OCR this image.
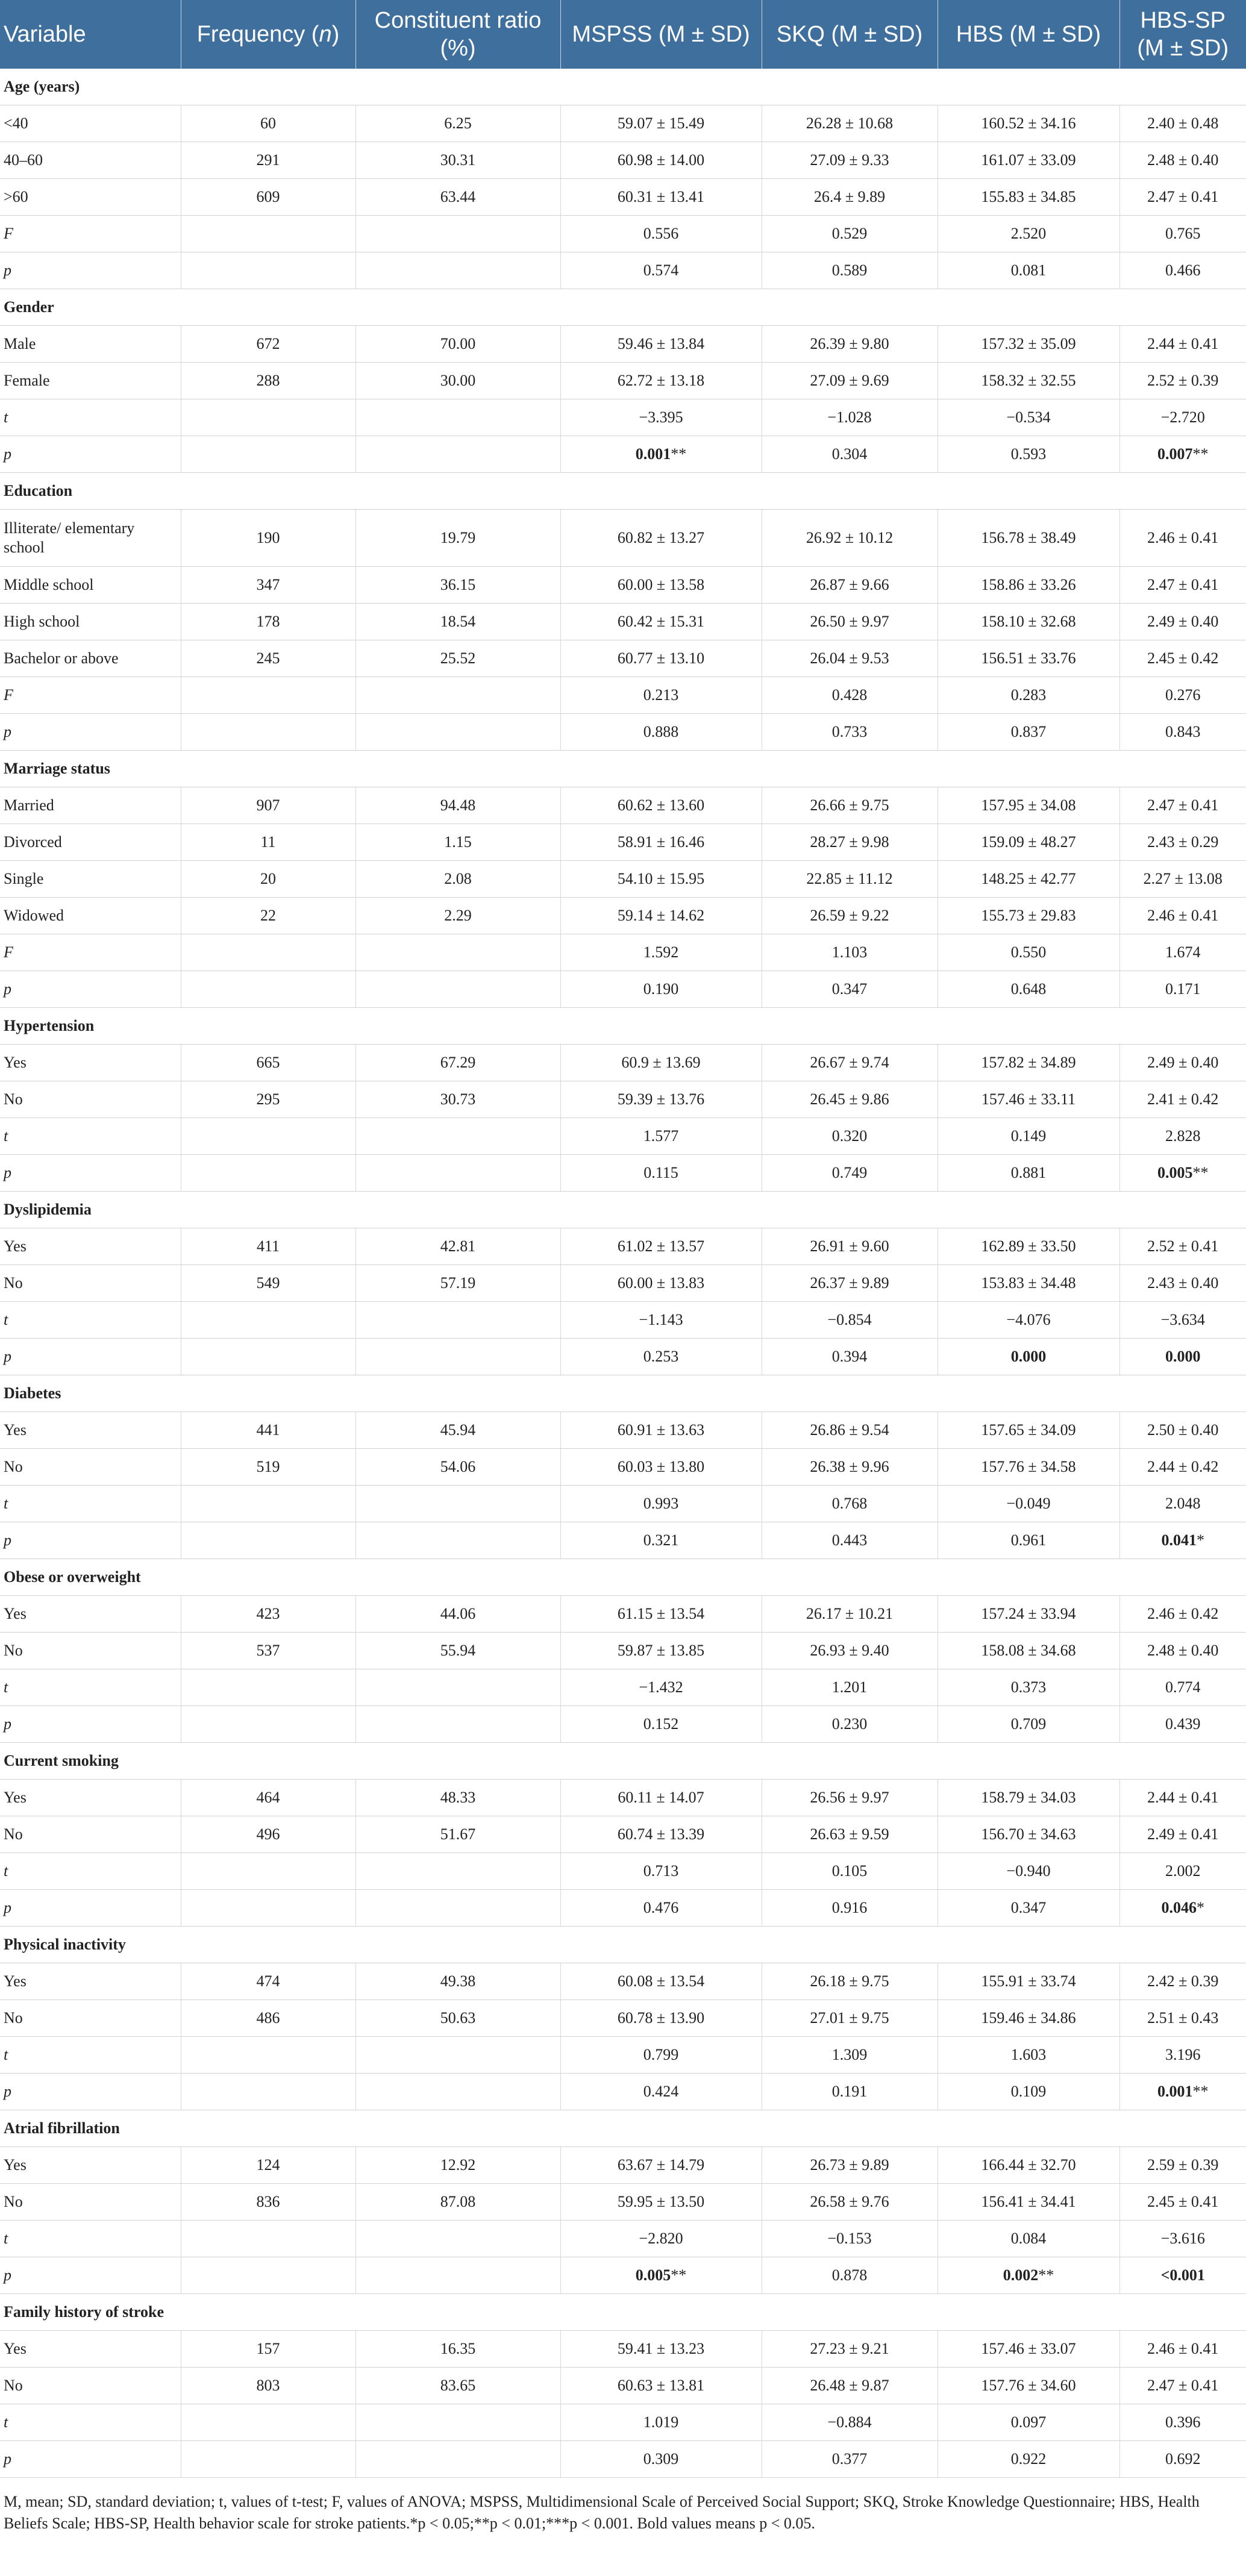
Variable	Frequency (n)	Constituent ratio (%)	MSPSS (M ± SD)	SKQ (M ± SD)	HBS (M ± SD)	HBS-SP (M ± SD)
Age (years)						
<40	60	6.25	59.07 ± 15.49	26.28 ± 10.68	160.52 ± 34.16	2.40 ± 0.48
40–60	291	30.31	60.98 ± 14.00	27.09 ± 9.33	161.07 ± 33.09	2.48 ± 0.40
>60	609	63.44	60.31 ± 13.41	26.4 ± 9.89	155.83 ± 34.85	2.47 ± 0.41
F			0.556	0.529	2.520	0.765
p			0.574	0.589	0.081	0.466
Gender						
Male	672	70.00	59.46 ± 13.84	26.39 ± 9.80	157.32 ± 35.09	2.44 ± 0.41
Female	288	30.00	62.72 ± 13.18	27.09 ± 9.69	158.32 ± 32.55	2.52 ± 0.39
t			−3.395	−1.028	−0.534	−2.720
p			0.001**	0.304	0.593	0.007**
Education						
Illiterate/ elementary school	190	19.79	60.82 ± 13.27	26.92 ± 10.12	156.78 ± 38.49	2.46 ± 0.41
Middle school	347	36.15	60.00 ± 13.58	26.87 ± 9.66	158.86 ± 33.26	2.47 ± 0.41
High school	178	18.54	60.42 ± 15.31	26.50 ± 9.97	158.10 ± 32.68	2.49 ± 0.40
Bachelor or above	245	25.52	60.77 ± 13.10	26.04 ± 9.53	156.51 ± 33.76	2.45 ± 0.42
F			0.213	0.428	0.283	0.276
p			0.888	0.733	0.837	0.843
Marriage status						
Married	907	94.48	60.62 ± 13.60	26.66 ± 9.75	157.95 ± 34.08	2.47 ± 0.41
Divorced	11	1.15	58.91 ± 16.46	28.27 ± 9.98	159.09 ± 48.27	2.43 ± 0.29
Single	20	2.08	54.10 ± 15.95	22.85 ± 11.12	148.25 ± 42.77	2.27 ± 13.08
Widowed	22	2.29	59.14 ± 14.62	26.59 ± 9.22	155.73 ± 29.83	2.46 ± 0.41
F			1.592	1.103	0.550	1.674
p			0.190	0.347	0.648	0.171
Hypertension						
Yes	665	67.29	60.9 ± 13.69	26.67 ± 9.74	157.82 ± 34.89	2.49 ± 0.40
No	295	30.73	59.39 ± 13.76	26.45 ± 9.86	157.46 ± 33.11	2.41 ± 0.42
t			1.577	0.320	0.149	2.828
p			0.115	0.749	0.881	0.005**
Dyslipidemia						
Yes	411	42.81	61.02 ± 13.57	26.91 ± 9.60	162.89 ± 33.50	2.52 ± 0.41
No	549	57.19	60.00 ± 13.83	26.37 ± 9.89	153.83 ± 34.48	2.43 ± 0.40
t			−1.143	−0.854	−4.076	−3.634
p			0.253	0.394	0.000	0.000
Diabetes						
Yes	441	45.94	60.91 ± 13.63	26.86 ± 9.54	157.65 ± 34.09	2.50 ± 0.40
No	519	54.06	60.03 ± 13.80	26.38 ± 9.96	157.76 ± 34.58	2.44 ± 0.42
t			0.993	0.768	−0.049	2.048
p			0.321	0.443	0.961	0.041*
Obese or overweight						
Yes	423	44.06	61.15 ± 13.54	26.17 ± 10.21	157.24 ± 33.94	2.46 ± 0.42
No	537	55.94	59.87 ± 13.85	26.93 ± 9.40	158.08 ± 34.68	2.48 ± 0.40
t			−1.432	1.201	0.373	0.774
p			0.152	0.230	0.709	0.439
Current smoking						
Yes	464	48.33	60.11 ± 14.07	26.56 ± 9.97	158.79 ± 34.03	2.44 ± 0.41
No	496	51.67	60.74 ± 13.39	26.63 ± 9.59	156.70 ± 34.63	2.49 ± 0.41
t			0.713	0.105	−0.940	2.002
p			0.476	0.916	0.347	0.046*
Physical inactivity						
Yes	474	49.38	60.08 ± 13.54	26.18 ± 9.75	155.91 ± 33.74	2.42 ± 0.39
No	486	50.63	60.78 ± 13.90	27.01 ± 9.75	159.46 ± 34.86	2.51 ± 0.43
t			0.799	1.309	1.603	3.196
p			0.424	0.191	0.109	0.001**
Atrial fibrillation						
Yes	124	12.92	63.67 ± 14.79	26.73 ± 9.89	166.44 ± 32.70	2.59 ± 0.39
No	836	87.08	59.95 ± 13.50	26.58 ± 9.76	156.41 ± 34.41	2.45 ± 0.41
t			−2.820	−0.153	0.084	−3.616
p			0.005**	0.878	0.002**	<0.001
Family history of stroke						
Yes	157	16.35	59.41 ± 13.23	27.23 ± 9.21	157.46 ± 33.07	2.46 ± 0.41
No	803	83.65	60.63 ± 13.81	26.48 ± 9.87	157.76 ± 34.60	2.47 ± 0.41
t			1.019	−0.884	0.097	0.396
p			0.309	0.377	0.922	0.692
M, mean; SD, standard deviation; t, values of t-test; F, values of ANOVA; MSPSS, Multidimensional Scale of Perceived Social Support; SKQ, Stroke Knowledge Questionnaire; HBS, Health Beliefs Scale; HBS-SP, Health behavior scale for stroke patients.*p < 0.05;**p < 0.01;***p < 0.001. Bold values means p < 0.05.
